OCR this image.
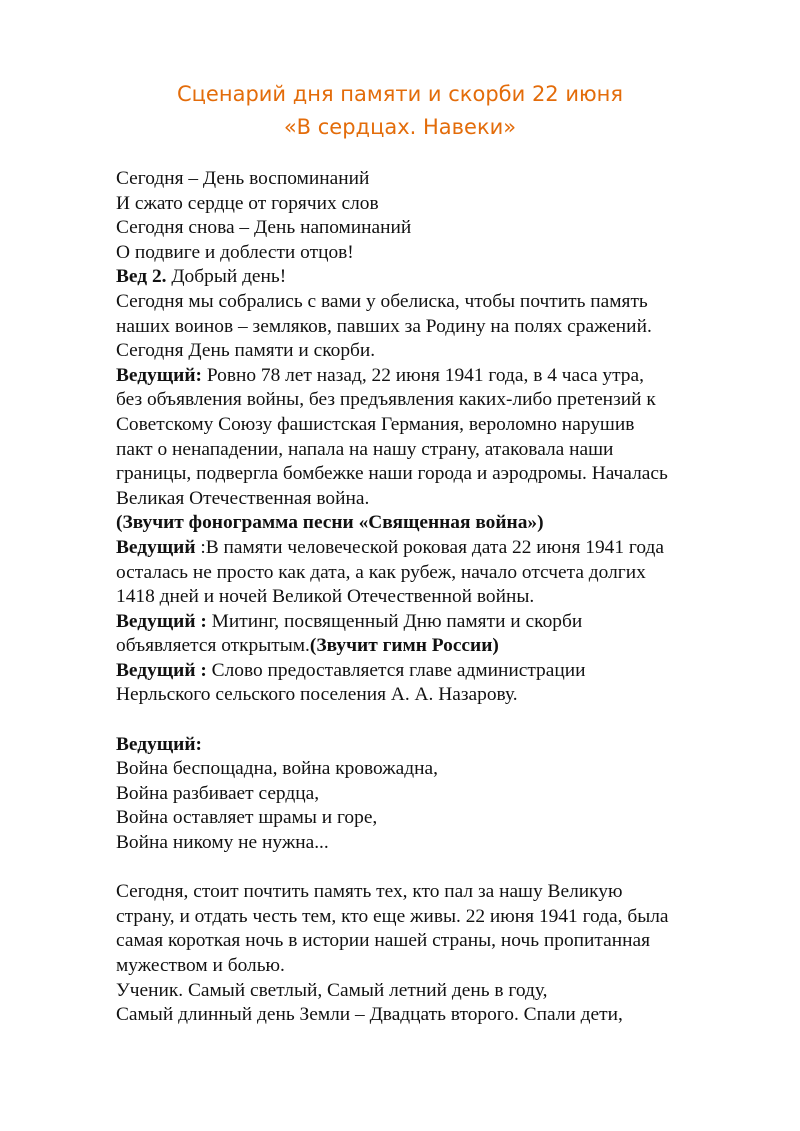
Сценарий дня памяти и скорби 22 июня
«В сердцах. Навеки»
Сегодня – День воспоминаний
И сжато сердце от горячих слов
Сегодня снова – День напоминаний
О подвиге и доблести отцов!
Вед 2. Добрый день!
Сегодня мы собрались с вами у обелиска, чтобы почтить память
наших воинов – земляков, павших за Родину на полях сражений.
Сегодня День памяти и скорби.
Ведущий: Ровно 78 лет назад, 22 июня 1941 года, в 4 часа утра,
без объявления войны, без предъявления каких-либо претензий к
Советскому Союзу фашистская Германия, вероломно нарушив
пакт о ненападении, напала на нашу страну, атаковала наши
границы, подвергла бомбежке наши города и аэродромы. Началась
Великая Отечественная война.
(Звучит фонограмма песни «Священная война»)
Ведущий :В памяти человеческой роковая дата 22 июня 1941 года
осталась не просто как дата, а как рубеж, начало отсчета долгих
1418 дней и ночей Великой Отечественной войны.
Ведущий : Митинг, посвященный Дню памяти и скорби
объявляется открытым.(Звучит гимн России)
Ведущий : Слово предоставляется главе администрации
Нерльского сельского поселения А. А. Назарову.
Ведущий:
Война беспощадна, война кровожадна,
Война разбивает сердца,
Война оставляет шрамы и горе,
Война никому не нужна...
Сегодня, стоит почтить память тех, кто пал за нашу Великую
страну, и отдать честь тем, кто еще живы. 22 июня 1941 года, была
самая короткая ночь в истории нашей страны, ночь пропитанная
мужеством и болью.
Ученик. Самый светлый, Самый летний день в году,
Самый длинный день Земли – Двадцать второго. Спали дети,
